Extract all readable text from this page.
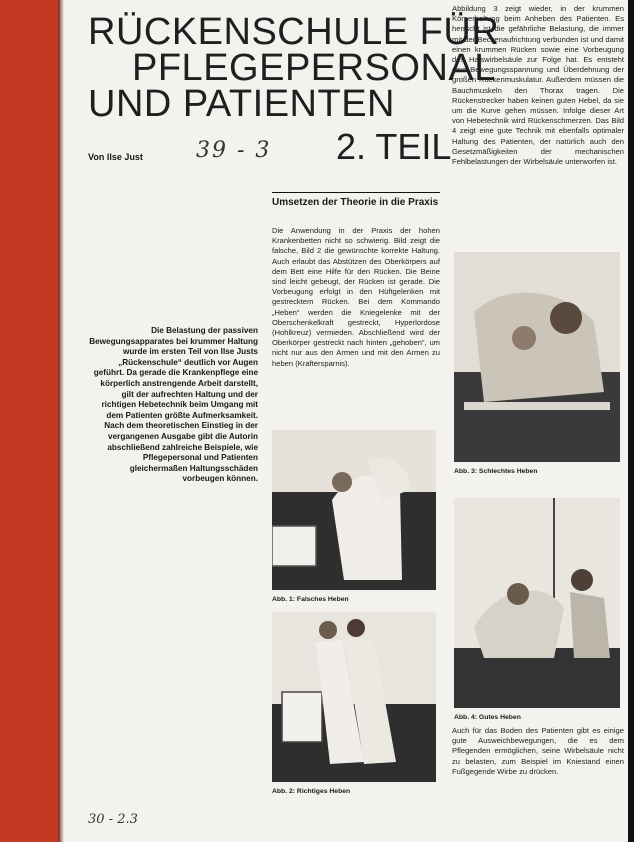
RÜCKENSCHULE FÜR
PFLEGEPERSONAL
UND PATIENTEN
2. TEIL
Von Ilse Just 39 - 3

Die Belastung der passiven Bewegungsapparates bei krummer Haltung wurde im ersten Teil von Ilse Justs „Rückenschule“ deutlich vor Augen geführt. Da gerade die Krankenpflege eine körperlich anstrengende Arbeit darstellt, gilt der aufrechten Haltung und der richtigen Hebetechnik beim Umgang mit dem Patienten größte Aufmerksamkeit. Nach dem theoretischen Einstieg in der vergangenen Ausgabe gibt die Autorin abschließend zahlreiche Beispiele, wie Pflegepersonal und Patienten gleichermaßen Haltungsschäden vorbeugen können.

Umsetzen der Theorie in die Praxis

Die Anwendung in der Praxis der hohen Krankenbetten nicht so schwierig. Bild zeigt die falsche, Bild 2 die gewünschte korrekte Haltung. Auch erlaubt das Abstützen des Oberkörpers auf dem Bett eine Hilfe für den Rücken. Die Beine sind leicht gebeugt, der Rücken ist gerade. Die Vorbeugung erfolgt in den Hüftgelenken mit gestrecktem Rücken. Bei dem Kommando „Heben“ werden die Kniegelenke mit der Oberschenkelkraft gestreckt, Hyperlordose (Hohlkreuz) vermieden. Abschließend wird der Oberkörper gestreckt nach hinten „gehoben“, um nicht nur aus den Armen und mit den Armen zu heben (Kraftersparnis).

Abbildung 3 zeigt wieder, in der krummen Körperhaltung beim Anheben des Patienten. Es herrscht ist die gefährliche Belastung, die immer mit der Beckenaufrichtung verbunden ist und damit einen krummen Rücken sowie eine Vorbeugung des Halswirbelsäule zur Folge hat. Es entsteht eine Bewegungsspannung und Überdehnung der großen Rückenmuskulatur. Außerdem müssen die Bauchmuskeln den Thorax tragen. Die Rückenstrecker haben keinen guten Hebel, da sie um die Kurve gehen müssen. Infolge dieser Art von Hebetechnik wird Rückenschmerzen. Das Bild 4 zeigt eine gute Technik mit ebenfalls optimaler Haltung des Patienten, der natürlich auch den Gesetzmäßigkeiten der mechanischen Fehlbelastungen der Wirbelsäule unterworfen ist.

Auch für das Boden des Patienten gibt es einige gute Ausweichbewegungen, die es dem Pflegenden ermöglichen, seine Wirbelsäule nicht zu belasten, zum Beispiel im Kniestand einen Fußgegende Wirbe zu drücken.

Abb. 1: Falsches Heben
Abb. 2: Richtiges Heben
Abb. 3: Schlechtes Heben
Abb. 4: Gutes Heben
30 - 2.3
